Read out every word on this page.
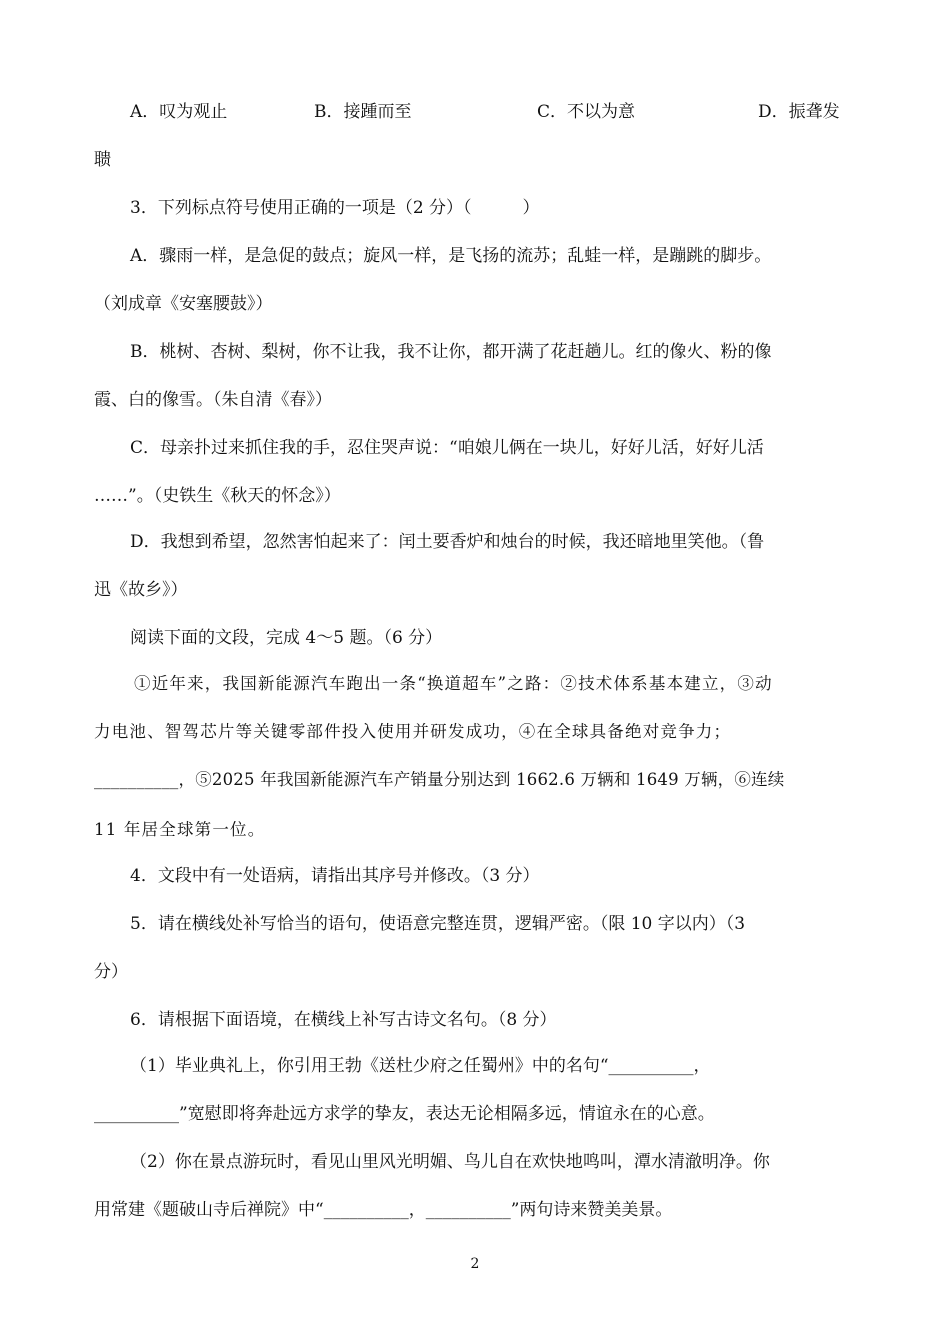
A．叹为观止	B．接踵而至	C．不以为意	D．振聋发
聩
3．下列标点符号使用正确的一项是（2 分）（　　　）
A．骤雨一样，是急促的鼓点；旋风一样，是飞扬的流苏；乱蛙一样，是蹦跳的脚步。
（刘成章《安塞腰鼓》）
B．桃树、杏树、梨树，你不让我，我不让你，都开满了花赶趟儿。红的像火、粉的像
霞、白的像雪。（朱自清《春》）
C．母亲扑过来抓住我的手，忍住哭声说：“咱娘儿俩在一块儿，好好儿活，好好儿活
……”。（史铁生《秋天的怀念》）
D．我想到希望，忽然害怕起来了：闰土要香炉和烛台的时候，我还暗地里笑他。（鲁
迅《故乡》）
阅读下面的文段，完成 4～5 题。（6 分）
①近年来，我国新能源汽车跑出一条“换道超车”之路：②技术体系基本建立，③动
力电池、智驾芯片等关键零部件投入使用并研发成功，④在全球具备绝对竞争力；
__________，⑤2025 年我国新能源汽车产销量分别达到 1662.6 万辆和 1649 万辆，⑥连续
11 年居全球第一位。
4．文段中有一处语病，请指出其序号并修改。（3 分）
5．请在横线处补写恰当的语句，使语意完整连贯，逻辑严密。（限 10 字以内）（3
分）
6．请根据下面语境，在横线上补写古诗文名句。（8 分）
（1）毕业典礼上，你引用王勃《送杜少府之任蜀州》中的名句“__________，
__________”宽慰即将奔赴远方求学的挚友，表达无论相隔多远，情谊永在的心意。
（2）你在景点游玩时，看见山里风光明媚、鸟儿自在欢快地鸣叫，潭水清澈明净。你
用常建《题破山寺后禅院》中“__________，__________”两句诗来赞美美景。
2
